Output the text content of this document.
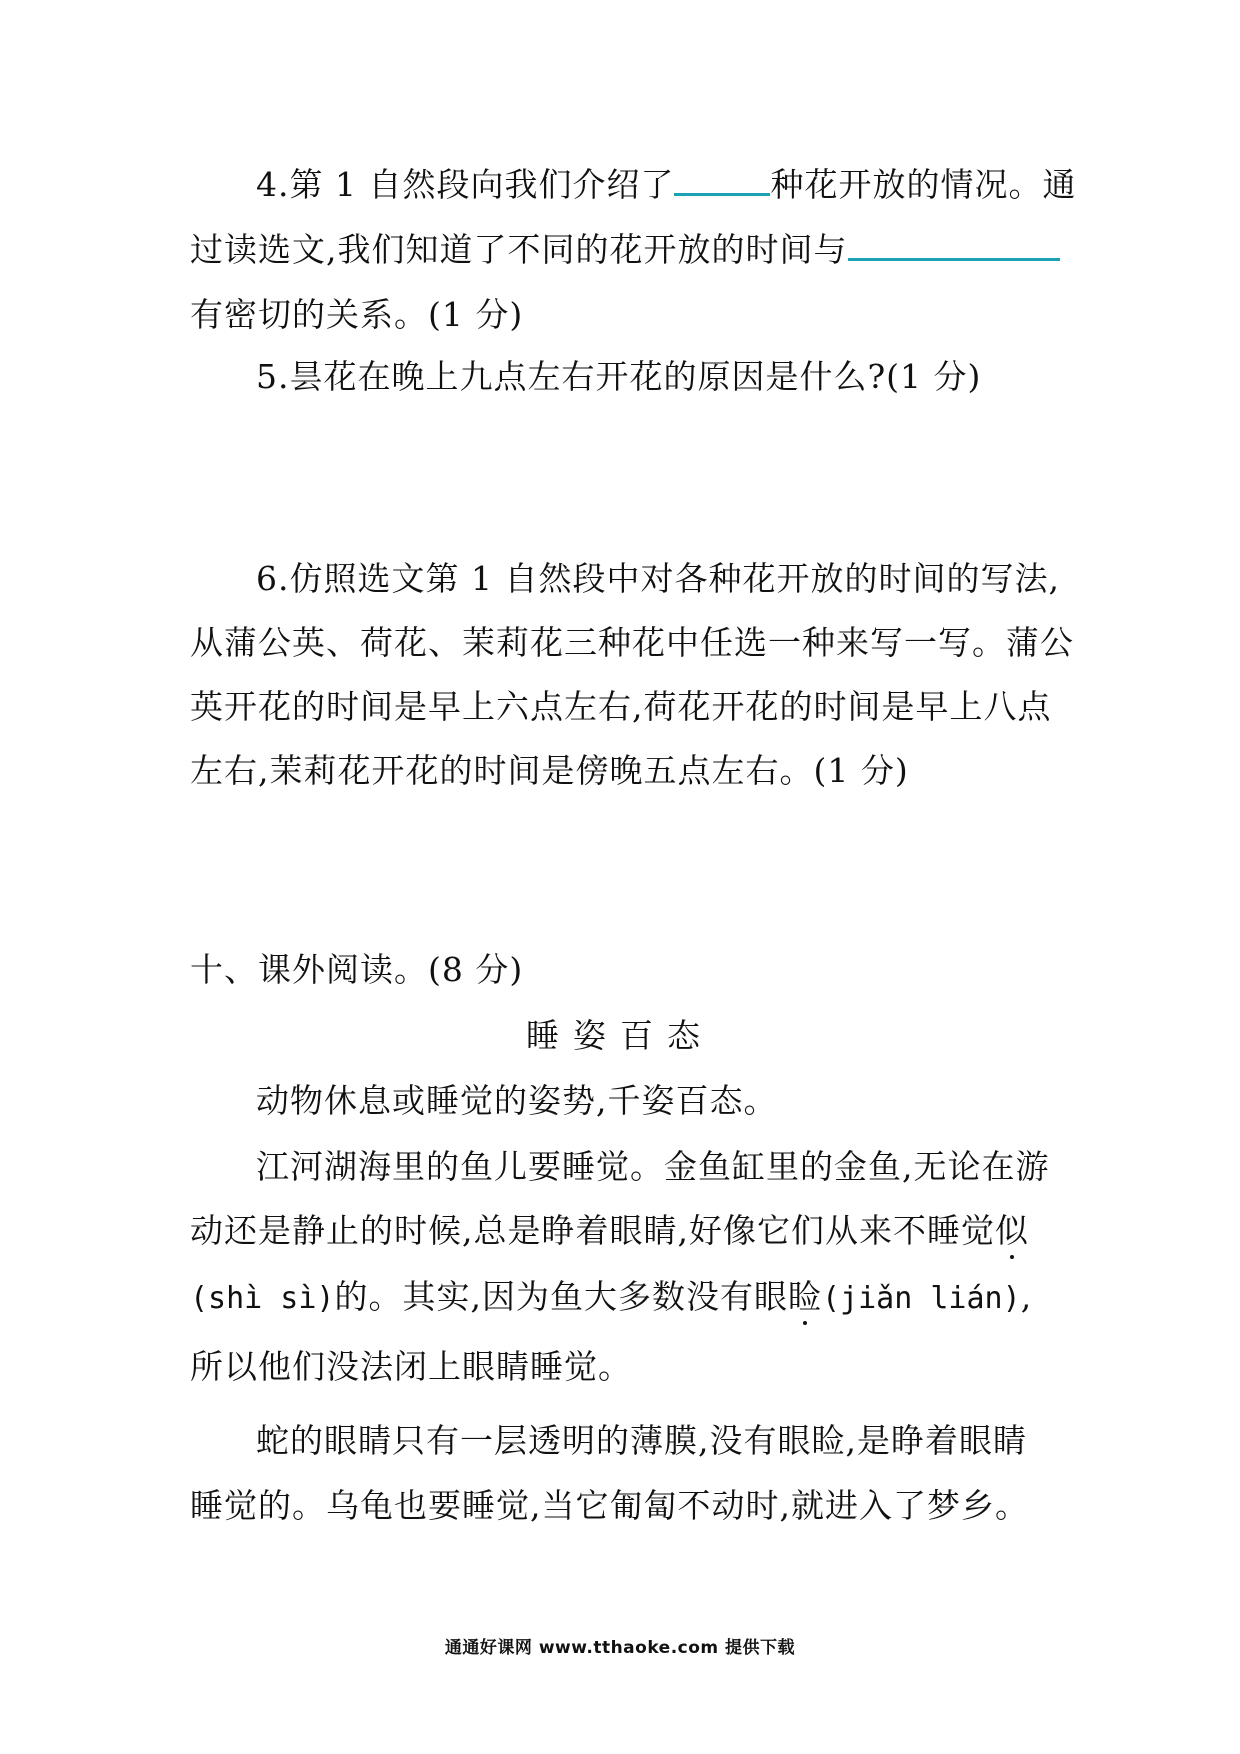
4.第 1 自然段向我们介绍了	种花开放的情况。通
过读选文,我们知道了不同的花开放的时间与
有密切的关系。(1 分)
5.昙花在晚上九点左右开花的原因是什么?(1 分)
6.仿照选文第 1 自然段中对各种花开放的时间的写法,
从蒲公英、荷花、茉莉花三种花中任选一种来写一写。蒲公
英开花的时间是早上六点左右,荷花开花的时间是早上八点
左右,茉莉花开花的时间是傍晚五点左右。(1 分)
十、课外阅读。(8 分)
睡姿百态
动物休息或睡觉的姿势,千姿百态。
江河湖海里的鱼儿要睡觉。金鱼缸里的金鱼,无论在游
动还是静止的时候,总是睁着眼睛,好像它们从来不睡觉似
(shì sì)的。其实,因为鱼大多数没有眼睑(jiǎn lián),
所以他们没法闭上眼睛睡觉。
蛇的眼睛只有一层透明的薄膜,没有眼睑,是睁着眼睛
睡觉的。乌龟也要睡觉,当它匍匐不动时,就进入了梦乡。
通通好课网 www.tthaoke.com 提供下载
